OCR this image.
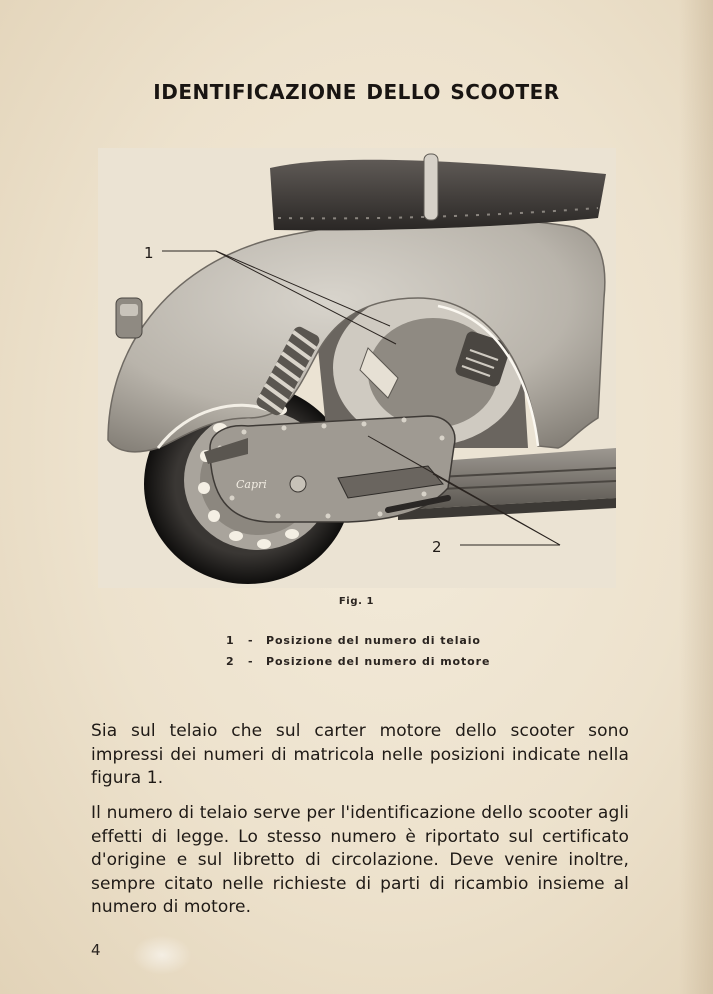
IDENTIFICAZIONE DELLO SCOOTER
Capri
1
2
Fig. 1
1 - Posizione del numero di telaio
2 - Posizione del numero di motore
Sia sul telaio che sul carter motore dello scooter sono impressi dei numeri di matricola nelle posizioni indicate nella figura 1.
Il numero di telaio serve per l'identificazione dello scooter agli effetti di legge. Lo stesso numero è riportato sul certificato d'origine e sul libretto di circolazione. Deve venire inoltre, sempre citato nelle richieste di parti di ricambio insieme al numero di motore.
4
